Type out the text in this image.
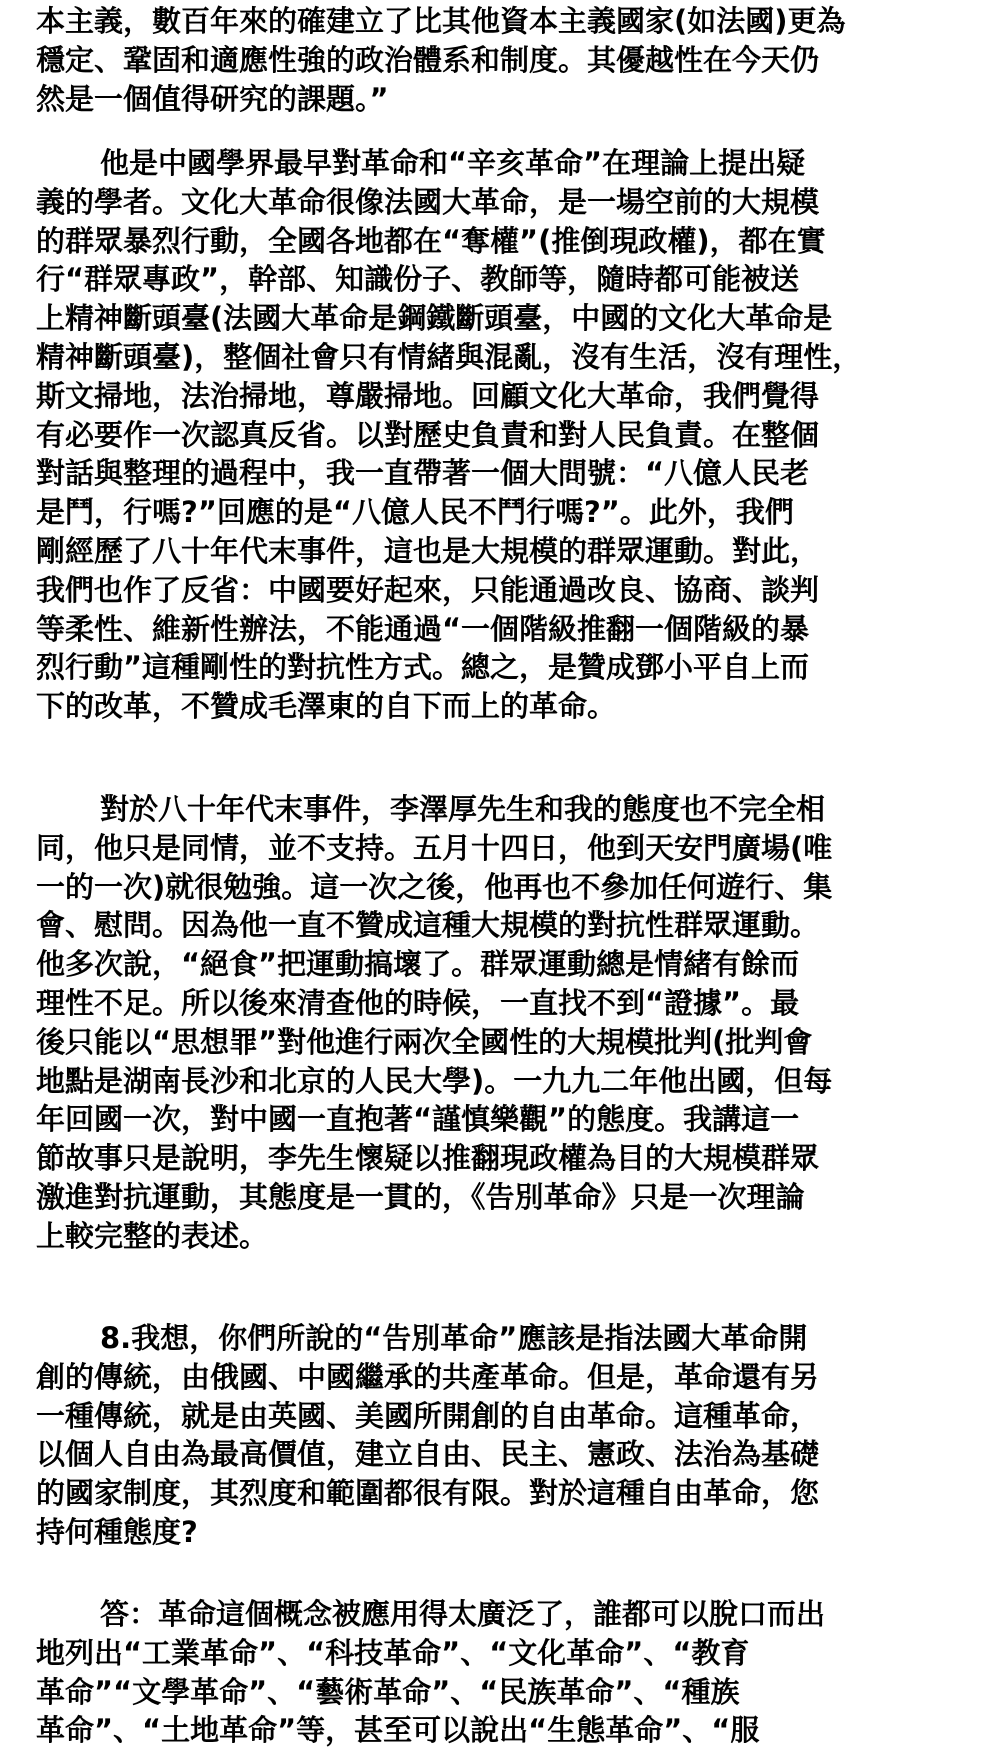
本主義，數百年來的確建立了比其他資本主義國家(如法國)更為
穩定、鞏固和適應性強的政治體系和制度。其優越性在今天仍
然是一個值得研究的課題。”
他是中國學界最早對革命和“辛亥革命”在理論上提出疑
義的學者。文化大革命很像法國大革命，是一場空前的大規模
的群眾暴烈行動，全國各地都在“奪權”(推倒現政權)，都在實
行“群眾專政”，幹部、知識份子、教師等，隨時都可能被送
上精神斷頭臺(法國大革命是鋼鐵斷頭臺，中國的文化大革命是
精神斷頭臺)，整個社會只有情緒與混亂，沒有生活，沒有理性，
斯文掃地，法治掃地，尊嚴掃地。回顧文化大革命，我們覺得
有必要作一次認真反省。以對歷史負責和對人民負責。在整個
對話與整理的過程中，我一直帶著一個大問號：“八億人民老
是鬥，行嗎?”回應的是“八億人民不鬥行嗎?”。此外，我們
剛經歷了八十年代末事件，這也是大規模的群眾運動。對此，
我們也作了反省：中國要好起來，只能通過改良、協商、談判
等柔性、維新性辦法，不能通過“一個階級推翻一個階級的暴
烈行動”這種剛性的對抗性方式。總之，是贊成鄧小平自上而
下的改革，不贊成毛澤東的自下而上的革命。
對於八十年代末事件，李澤厚先生和我的態度也不完全相
同，他只是同情，並不支持。五月十四日，他到天安門廣場(唯
一的一次)就很勉強。這一次之後，他再也不參加任何遊行、集
會、慰問。因為他一直不贊成這種大規模的對抗性群眾運動。
他多次說，“絕食”把運動搞壞了。群眾運動總是情緒有餘而
理性不足。所以後來清查他的時候，一直找不到“證據”。最
後只能以“思想罪”對他進行兩次全國性的大規模批判(批判會
地點是湖南長沙和北京的人民大學)。一九九二年他出國，但每
年回國一次，對中國一直抱著“謹慎樂觀”的態度。我講這一
節故事只是說明，李先生懷疑以推翻現政權為目的大規模群眾
激進對抗運動，其態度是一貫的，《告別革命》只是一次理論
上較完整的表述。
8.我想，你們所說的“告別革命”應該是指法國大革命開
創的傳統，由俄國、中國繼承的共產革命。但是，革命還有另
一種傳統，就是由英國、美國所開創的自由革命。這種革命，
以個人自由為最高價值，建立自由、民主、憲政、法治為基礎
的國家制度，其烈度和範圍都很有限。對於這種自由革命，您
持何種態度?
答：革命這個概念被應用得太廣泛了，誰都可以脫口而出
地列出“工業革命”、“科技革命”、“文化革命”、“教育
革命”“文學革命”、“藝術革命”、“民族革命”、“種族
革命”、“土地革命”等，甚至可以說出“生態革命”、“服
